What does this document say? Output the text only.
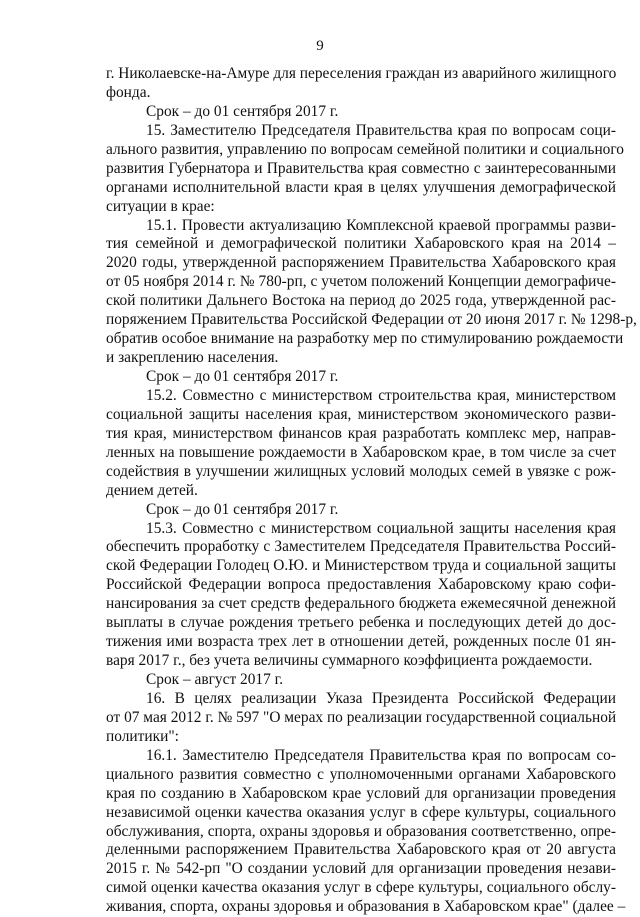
9
г. Николаевске-на-Амуре для переселения граждан из аварийного жилищного
фонда.
Срок – до 01 сентября 2017 г.
15. Заместителю Председателя Правительства края по вопросам соци-
ального развития, управлению по вопросам семейной политики и социального
развития Губернатора и Правительства края совместно с заинтересованными
органами исполнительной власти края в целях улучшения демографической
ситуации в крае:
15.1. Провести актуализацию Комплексной краевой программы разви-
тия семейной и демографической политики Хабаровского края на 2014 –
2020 годы, утвержденной распоряжением Правительства Хабаровского края
от 05 ноября 2014 г. № 780-рп, с учетом положений Концепции демографиче-
ской политики Дальнего Востока на период до 2025 года, утвержденной рас-
поряжением Правительства Российской Федерации от 20 июня 2017 г. № 1298-р,
обратив особое внимание на разработку мер по стимулированию рождаемости
и закреплению населения.
Срок – до 01 сентября 2017 г.
15.2. Совместно с министерством строительства края, министерством
социальной защиты населения края, министерством экономического разви-
тия края, министерством финансов края разработать комплекс мер, направ-
ленных на повышение рождаемости в Хабаровском крае, в том числе за счет
содействия в улучшении жилищных условий молодых семей в увязке с рож-
дением детей.
Срок – до 01 сентября 2017 г.
15.3. Совместно с министерством социальной защиты населения края
обеспечить проработку с Заместителем Председателя Правительства Россий-
ской Федерации Голодец О.Ю. и Министерством труда и социальной защиты
Российской Федерации вопроса предоставления Хабаровскому краю софи-
нансирования за счет средств федерального бюджета ежемесячной денежной
выплаты в случае рождения третьего ребенка и последующих детей до дос-
тижения ими возраста трех лет в отношении детей, рожденных после 01 ян-
варя 2017 г., без учета величины суммарного коэффициента рождаемости.
Срок – август 2017 г.
16. В целях реализации Указа Президента Российской Федерации
от 07 мая 2012 г. № 597 "О мерах по реализации государственной социальной
политики":
16.1. Заместителю Председателя Правительства края по вопросам со-
циального развития совместно с уполномоченными органами Хабаровского
края по созданию в Хабаровском крае условий для организации проведения
независимой оценки качества оказания услуг в сфере культуры, социального
обслуживания, спорта, охраны здоровья и образования соответственно, опре-
деленными распоряжением Правительства Хабаровского края от 20 августа
2015 г. № 542-рп "О создании условий для организации проведения незави-
симой оценки качества оказания услуг в сфере культуры, социального обслу-
живания, спорта, охраны здоровья и образования в Хабаровском крае" (далее –
